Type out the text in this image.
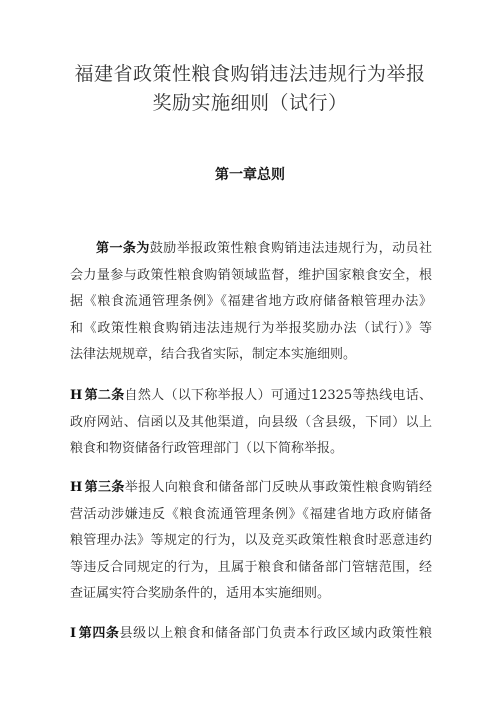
福建省政策性粮食购销违法违规行为举报
奖励实施细则（试行）
第一章总则
第一条为鼓励举报政策性粮食购销违法违规行为，动员社
会力量参与政策性粮食购销领域监督，维护国家粮食安全，根
据《粮食流通管理条例》《福建省地方政府储备粮管理办法》
和《政策性粮食购销违法违规行为举报奖励办法（试行）》等
法律法规规章，结合我省实际，制定本实施细则。
H 第二条自然人（以下称举报人）可通过12325等热线电话、
政府网站、信函以及其他渠道，向县级（含县级，下同）以上
粮食和物资储备行政管理部门（以下简称举报。
H 第三条举报人向粮食和储备部门反映从事政策性粮食购销经
营活动涉嫌违反《粮食流通管理条例》《福建省地方政府储备
粮管理办法》等规定的行为，以及竞买政策性粮食时恶意违约
等违反合同规定的行为，且属于粮食和储备部门管辖范围，经
查证属实符合奖励条件的，适用本实施细则。
I 第四条县级以上粮食和储备部门负责本行政区域内政策性粮
